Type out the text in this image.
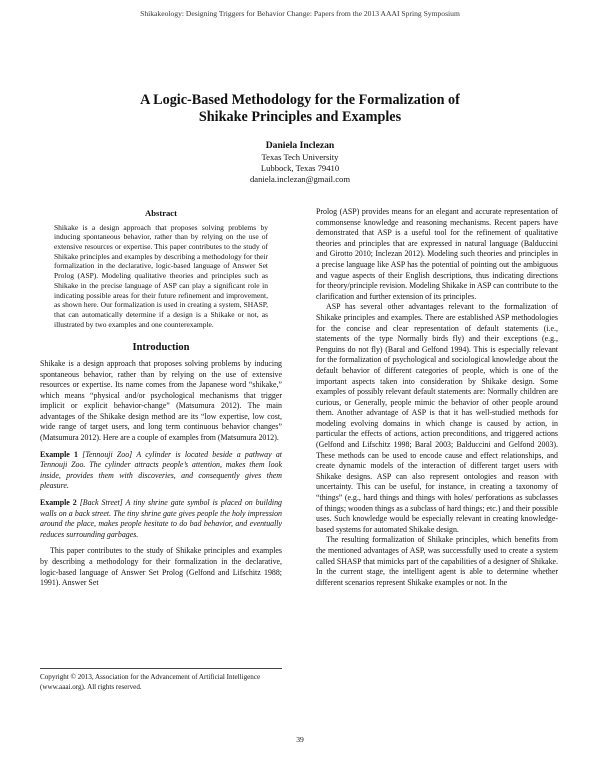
Shikakeology: Designing Triggers for Behavior Change: Papers from the 2013 AAAI Spring Symposium
A Logic-Based Methodology for the Formalization of
Shikake Principles and Examples
Daniela Inclezan
Texas Tech University
Lubbock, Texas 79410
daniela.inclezan@gmail.com
Abstract

Shikake is a design approach that proposes solving problems by inducing spontaneous behavior, rather than by relying on the use of extensive resources or expertise. This paper contributes to the study of Shikake principles and examples by describing a methodology for their formalization in the declarative, logic-based language of Answer Set Prolog (ASP). Modeling qualitative theories and principles such as Shikake in the precise language of ASP can play a significant role in indicating possible areas for their future refinement and improvement, as shown here. Our formalization is used in creating a system, SHASP, that can automatically determine if a design is a Shikake or not, as illustrated by two examples and one counterexample.

Introduction

Shikake is a design approach that proposes solving problems by inducing spontaneous behavior, rather than by relying on the use of extensive resources or expertise. Its name comes from the Japanese word “shikake,” which means “physical and/or psychological mechanisms that trigger implicit or explicit behavior-change” (Matsumura 2012). The main advantages of the Shikake design method are its “low expertise, low cost, wide range of target users, and long term continuous behavior changes” (Matsumura 2012). Here are a couple of examples from (Matsumura 2012).

Example 1 [Tennouji Zoo] A cylinder is located beside a pathway at Tennouji Zoo. The cylinder attracts people’s attention, makes them look inside, provides them with discoveries, and consequently gives them pleasure.

Example 2 [Back Street] A tiny shrine gate symbol is placed on building walls on a back street. The tiny shrine gate gives people the holy impression around the place, makes people hesitate to do bad behavior, and eventually reduces surrounding garbages.

This paper contributes to the study of Shikake principles and examples by describing a methodology for their formalization in the declarative, logic-based language of Answer Set Prolog (Gelfond and Lifschitz 1988; 1991). Answer Set

Copyright © 2013, Association for the Advancement of Artificial Intelligence (www.aaai.org). All rights reserved.

Prolog (ASP) provides means for an elegant and accurate representation of commonsense knowledge and reasoning mechanisms. Recent papers have demonstrated that ASP is a useful tool for the refinement of qualitative theories and principles that are expressed in natural language (Balduccini and Girotto 2010; Inclezan 2012). Modeling such theories and principles in a precise language like ASP has the potential of pointing out the ambiguous and vague aspects of their English descriptions, thus indicating directions for theory/principle revision. Modeling Shikake in ASP can contribute to the clarification and further extension of its principles.

ASP has several other advantages relevant to the formalization of Shikake principles and examples. There are established ASP methodologies for the concise and clear representation of default statements (i.e., statements of the type Normally birds fly) and their exceptions (e.g., Penguins do not fly) (Baral and Gelfond 1994). This is especially relevant for the formalization of psychological and sociological knowledge about the default behavior of different categories of people, which is one of the important aspects taken into consideration by Shikake design. Some examples of possibly relevant default statements are: Normally children are curious, or Generally, people mimic the behavior of other people around them. Another advantage of ASP is that it has well-studied methods for modeling evolving domains in which change is caused by action, in particular the effects of actions, action preconditions, and triggered actions (Gelfond and Lifschitz 1998; Baral 2003; Balduccini and Gelfond 2003). These methods can be used to encode cause and effect relationships, and create dynamic models of the interaction of different target users with Shikake designs. ASP can also represent ontologies and reason with uncertainty. This can be useful, for instance, in creating a taxonomy of “things” (e.g., hard things and things with holes/ perforations as subclasses of things; wooden things as a subclass of hard things; etc.) and their possible uses. Such knowledge would be especially relevant in creating knowledge-based systems for automated Shikake design.

The resulting formalization of Shikake principles, which benefits from the mentioned advantages of ASP, was successfully used to create a system called SHASP that mimicks part of the capabilities of a designer of Shikake. In the current stage, the intelligent agent is able to determine whether different scenarios represent Shikake examples or not. In the

39
